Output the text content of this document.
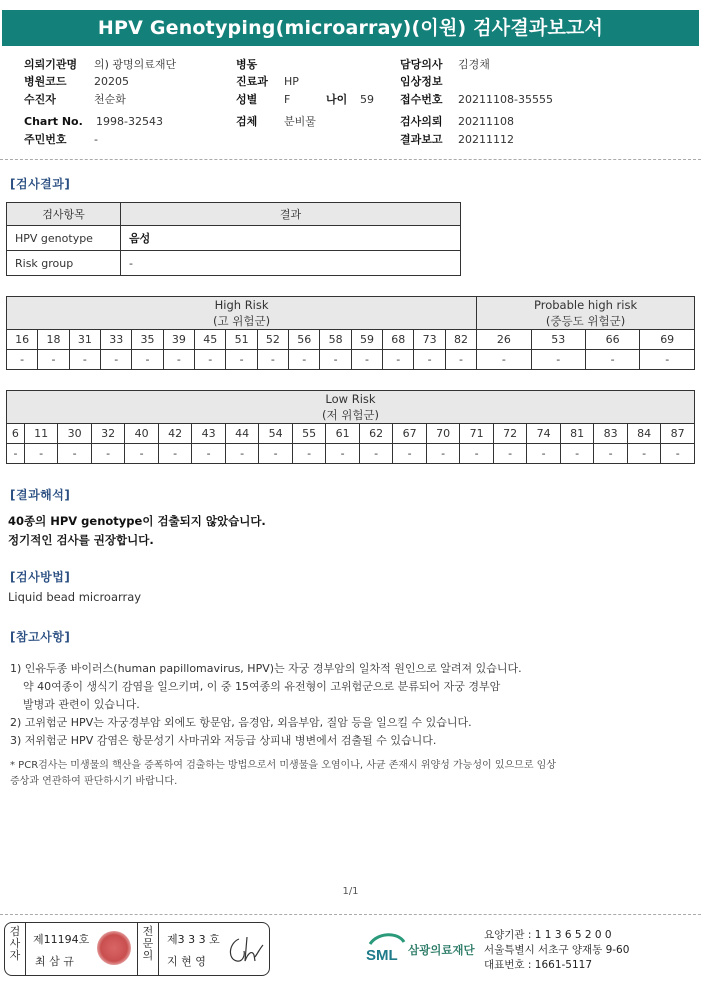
HPV Genotyping(microarray)(이원) 검사결과보고서
의뢰기관명 의) 광명의료재단
병원코드 20205
수진자	천순화
Chart No. 1998-32543
주민번호 -
병동
진료과 HP
성별 F	나이 59
검체 분비물
담당의사 김경채
임상정보
접수번호 20211108-35555
검사의뢰 20211108
결과보고 20211112
[검사결과]
검사항목	결과
HPV genotype	음성
Risk group	-
High Risk
(고 위험군)															Probable high risk
(중등도 위험군)			
16	18	31	33	35	39	45	51	52	56	58	59	68	73	82	26	53	66	69
-	-	-	-	-	-	-	-	-	-	-	-	-	-	-	-	-	-	-
Low Risk
(저 위험군)																				
6	11	30	32	40	42	43	44	54	55	61	62	67	70	71	72	74	81	83	84	87
-	-	-	-	-	-	-	-	-	-	-	-	-	-	-	-	-	-	-	-	-
[결과해석]
40종의 HPV genotype이 검출되지 않았습니다.
정기적인 검사를 권장합니다.
[검사방법]
Liquid bead microarray
[참고사항]
1) 인유두종 바이러스(human papillomavirus, HPV)는 자궁 경부암의 일차적 원인으로 알려져 있습니다.
약 40여종이 생식기 감염을 일으키며, 이 중 15여종의 유전형이 고위험군으로 분류되어 자궁 경부암
발병과 관련이 있습니다.
2) 고위험군 HPV는 자궁경부암 외에도 항문암, 음경암, 외음부암, 질암 등을 일으킬 수 있습니다.
3) 저위험군 HPV 감염은 항문성기 사마귀와 저등급 상피내 병변에서 검출될 수 있습니다.
* PCR검사는 미생물의 핵산을 증폭하여 검출하는 방법으로서 미생물을 오염이나, 사균 존재시 위양성 가능성이 있으므로 임상
증상과 연관하여 판단하시기 바랍니다.
1/1
검
사
자
제11194호
최 삼 규
전
문
의
제3 3 3 호
지 현 영	SML 삼광의료재단
요양기관 : 1 1 3 6 5 2 0 0
서울특별시 서초구 양재동 9-60
대표번호 : 1661-5117
